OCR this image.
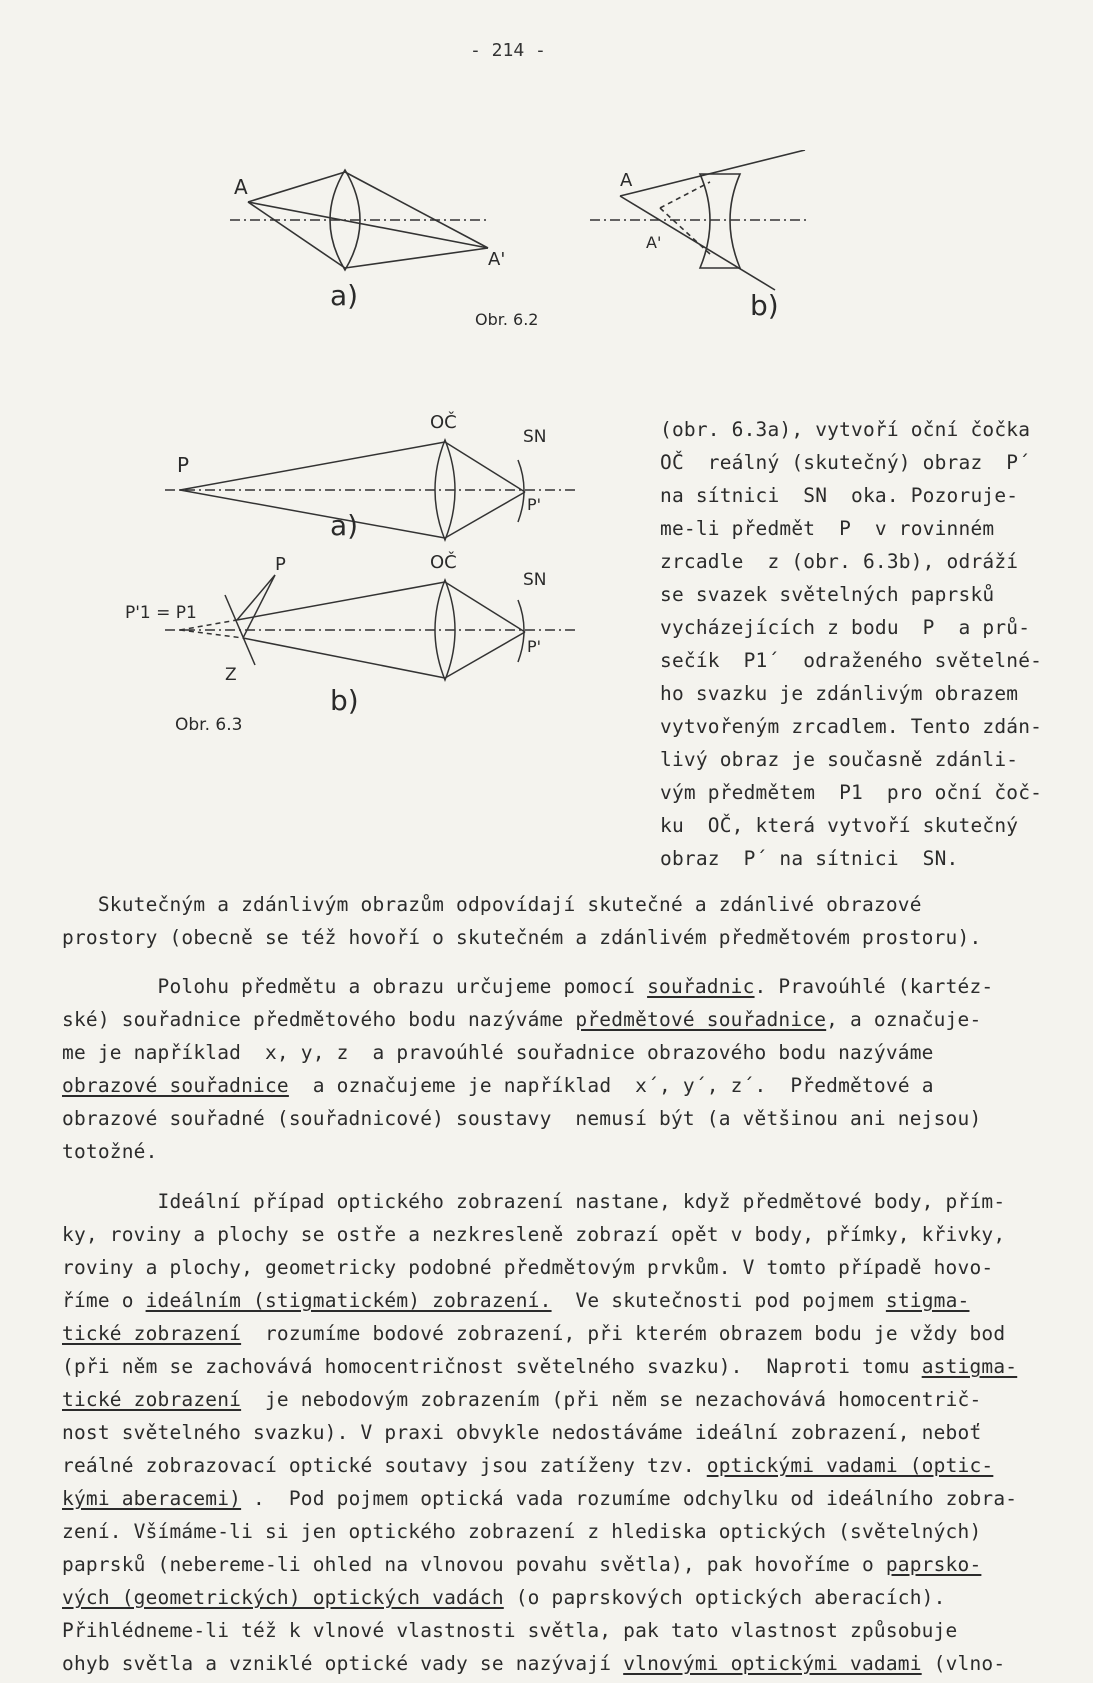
- 214 -
A
A'
a)
Obr. 6.2
A
A'
b)
P
OČ
SN
P'
a)
P
P'1 = P1
Z
OČ
SN
P'
b)
Obr. 6.3
(obr. 6.3a), vytvoří oční čočka
OČ  reálný (skutečný) obraz  P´
na sítnici  SN  oka. Pozoruje-
me-li předmět  P  v rovinném
zrcadle  z (obr. 6.3b), odráží
se svazek světelných paprsků
vycházejících z bodu  P  a prů-
sečík  P1´  odraženého světelné-
ho svazku je zdánlivým obrazem
vytvořeným zrcadlem. Tento zdán-
livý obraz je současně zdánli-
vým předmětem  P1  pro oční čoč-
ku  OČ, která vytvoří skutečný
obraz  P´ na sítnici  SN.
Skutečným a zdánlivým obrazům odpovídají skutečné a zdánlivé obrazové
prostory (obecně se též hovoří o skutečném a zdánlivém předmětovém prostoru).
Polohu předmětu a obrazu určujeme pomocí souřadnic. Pravoúhlé (kartéz-
ské) souřadnice předmětového bodu nazýváme předmětové souřadnice, a označuje-
me je například  x, y, z  a pravoúhlé souřadnice obrazového bodu nazýváme
obrazové souřadnice  a označujeme je například  x´, y´, z´.  Předmětové a
obrazové souřadné (souřadnicové) soustavy  nemusí být (a většinou ani nejsou)
totožné.
Ideální případ optického zobrazení nastane, když předmětové body, přím-
ky, roviny a plochy se ostře a nezkresleně zobrazí opět v body, přímky, křivky,
roviny a plochy, geometricky podobné předmětovým prvkům. V tomto případě hovo-
říme o ideálním (stigmatickém) zobrazení.  Ve skutečnosti pod pojmem stigma-
tické zobrazení  rozumíme bodové zobrazení, při kterém obrazem bodu je vždy bod
(při něm se zachovává homocentričnost světelného svazku).  Naproti tomu astigma-
tické zobrazení  je nebodovým zobrazením (při něm se nezachovává homocentrič-
nost světelného svazku). V praxi obvykle nedostáváme ideální zobrazení, neboť
reálné zobrazovací optické soutavy jsou zatíženy tzv. optickými vadami (optic-
kými aberacemi) .  Pod pojmem optická vada rozumíme odchylku od ideálního zobra-
zení. Všímáme-li si jen optického zobrazení z hlediska optických (světelných)
paprsků (nebereme-li ohled na vlnovou povahu světla), pak hovoříme o paprsko-
vých (geometrických) optických vadách (o paprskových optických aberacích).
Přihlédneme-li též k vlnové vlastnosti světla, pak tato vlastnost způsobuje
ohyb světla a vzniklé optické vady se nazývají vlnovými optickými vadami (vlno-
